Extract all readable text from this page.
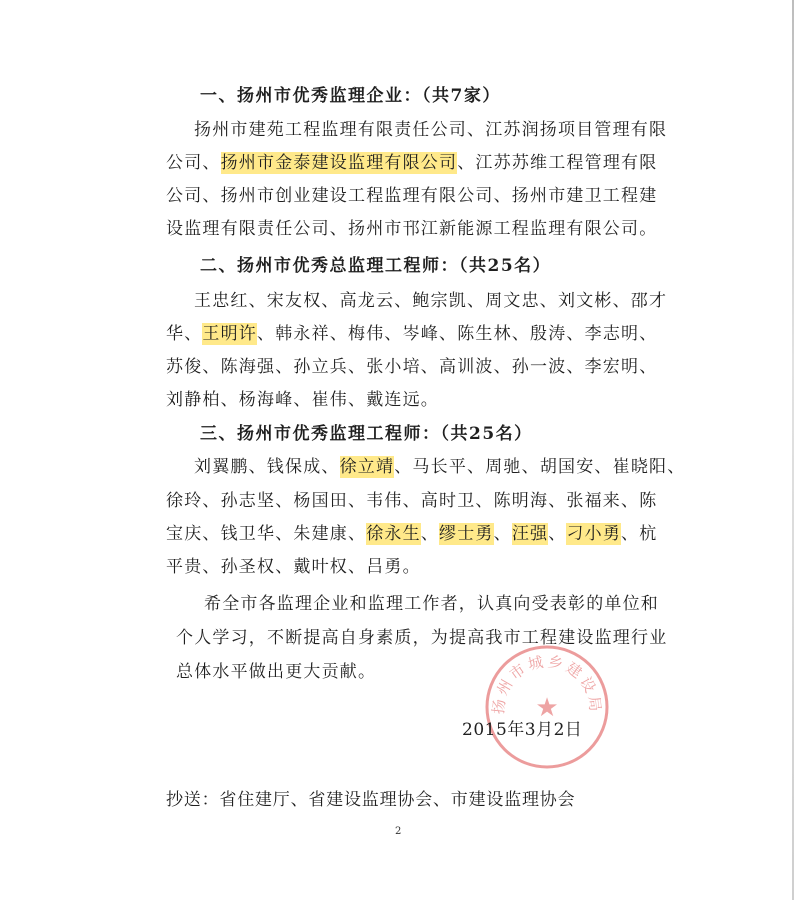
一、扬州市优秀监理企业：（共7家）
扬州市建苑工程监理有限责任公司、江苏润扬项目管理有限
公司、扬州市金泰建设监理有限公司、江苏苏维工程管理有限
公司、扬州市创业建设工程监理有限公司、扬州市建卫工程建
设监理有限责任公司、扬州市邗江新能源工程监理有限公司。
二、扬州市优秀总监理工程师：（共25名）
王忠红、宋友权、高龙云、鲍宗凯、周文忠、刘文彬、邵才
华、王明许、韩永祥、梅伟、岑峰、陈生林、殷涛、李志明、
苏俊、陈海强、孙立兵、张小培、高训波、孙一波、李宏明、
刘静柏、杨海峰、崔伟、戴连远。
三、扬州市优秀监理工程师：（共25名）
刘翼鹏、钱保成、徐立靖、马长平、周驰、胡国安、崔晓阳、
徐玲、孙志坚、杨国田、韦伟、高时卫、陈明海、张福来、陈
宝庆、钱卫华、朱建康、徐永生、缪士勇、汪强、刁小勇、杭
平贵、孙圣权、戴叶权、吕勇。
希全市各监理企业和监理工作者，认真向受表彰的单位和
个人学习，不断提高自身素质，为提高我市工程建设监理行业
总体水平做出更大贡献。
扬州市城乡建设局
★
2015年3月2日
抄送：省住建厅、省建设监理协会、市建设监理协会
2
